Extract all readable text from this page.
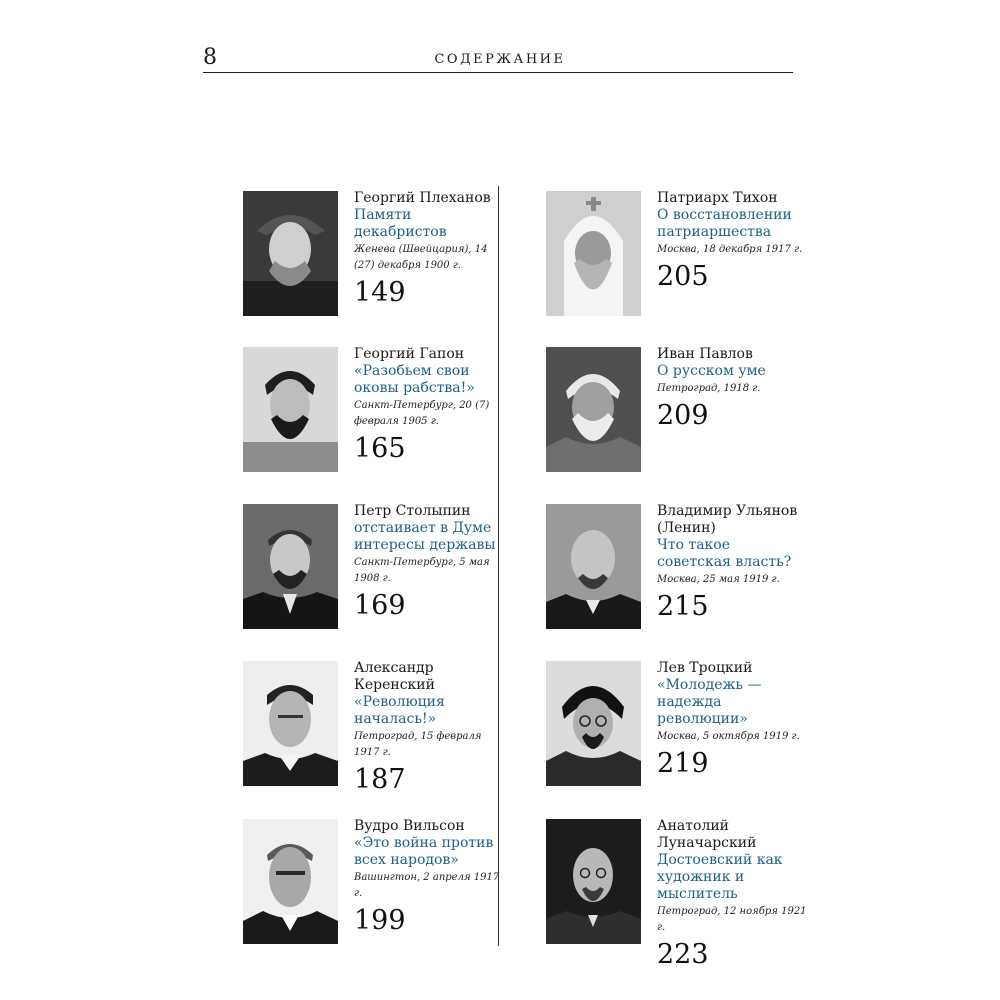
8	СОДЕРЖАНИЕ
Георгий Плеханов
Памяти декабристов
Женева (Швейцария), 14 (27) декабря 1900 г.
149
Георгий Гапон
«Разобьем свои оковы рабства!»
Санкт-Петербург, 20 (7) февраля 1905 г.
165
Петр Столыпин
отстаивает в Думе интересы державы
Санкт-Петербург, 5 мая 1908 г.
169
Александр Керенский
«Революция началась!»
Петроград, 15 февраля 1917 г.
187
Вудро Вильсон
«Это война против всех народов»
Вашингтон, 2 апреля 1917 г.
199
Патриарх Тихон
О восстановлении патриаршества
Москва, 18 декабря 1917 г.
205
Иван Павлов
О русском уме
Петроград, 1918 г.
209
Владимир Ульянов (Ленин)
Что такое советская власть?
Москва, 25 мая 1919 г.
215
Лев Троцкий
«Молодежь — надежда революции»
Москва, 5 октября 1919 г.
219
Анатолий Луначарский
Достоевский как художник и мыслитель
Петроград, 12 ноября 1921 г.
223
